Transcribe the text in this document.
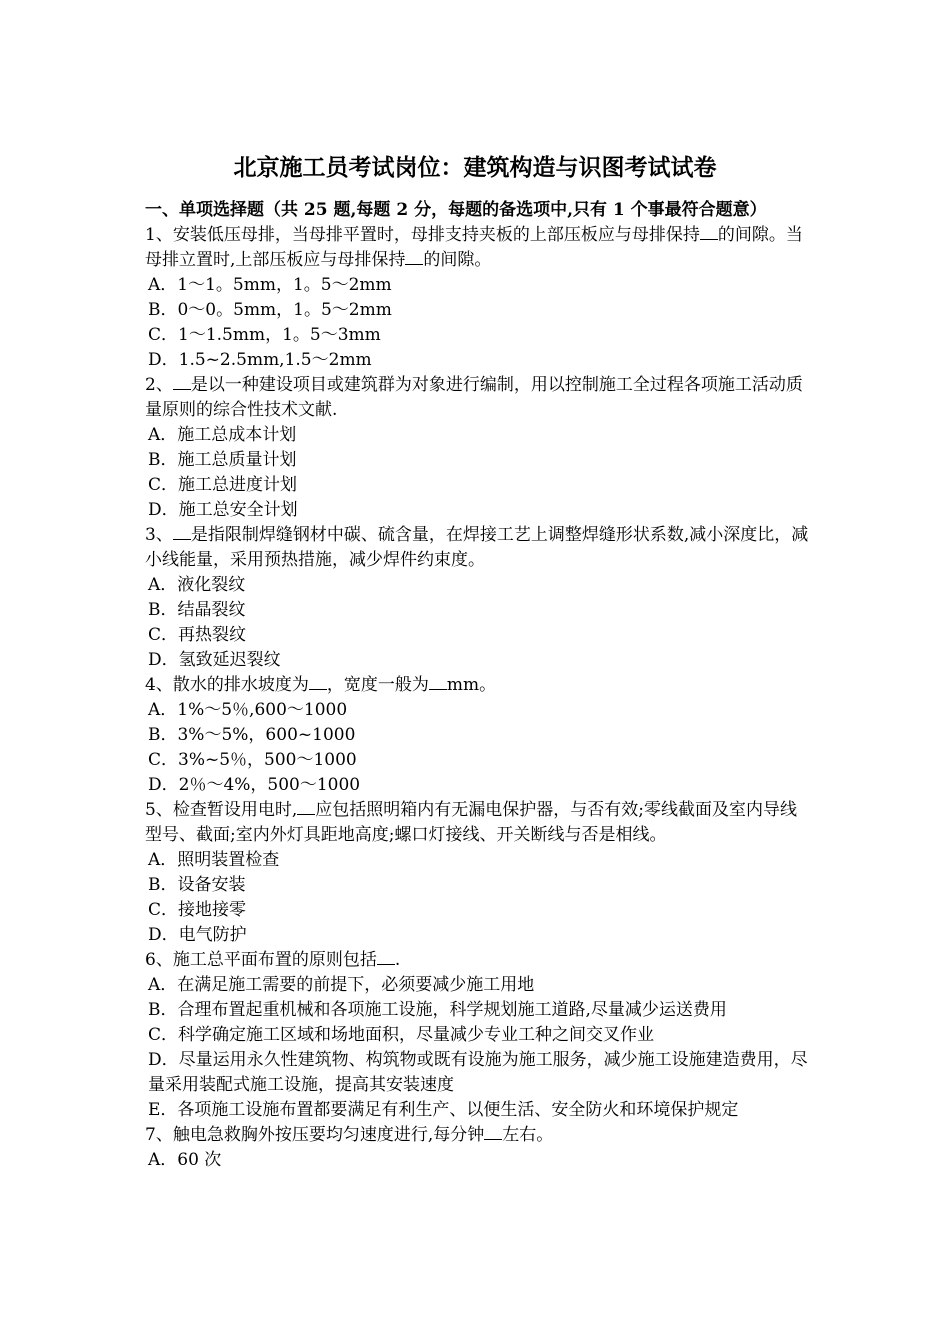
北京施工员考试岗位：建筑构造与识图考试试卷

一、单项选择题（共 25 题,每题 2 分，每题的备选项中,只有 1 个事最符合题意）

1、安装低压母排，当母排平置时，母排支持夹板的上部压板应与母排保持 的间隙。当母排立置时,上部压板应与母排保持 的间隙。

A．1～1。5mm，1。5～2mm

B．0～0。5mm，1。5～2mm

C．1～1.5mm，1。5～3mm

D．1.5~2.5mm,1.5～2mm

2、 是以一种建设项目或建筑群为对象进行编制，用以控制施工全过程各项施工活动质量原则的综合性技术文献.

A．施工总成本计划

B．施工总质量计划

C．施工总进度计划

D．施工总安全计划

3、 是指限制焊缝钢材中碳、硫含量，在焊接工艺上调整焊缝形状系数,减小深度比，减小线能量，采用预热措施，减少焊件约束度。

A．液化裂纹

B．结晶裂纹

C．再热裂纹

D．氢致延迟裂纹

4、散水的排水坡度为 ，宽度一般为 mm。

A．1%～5％,600～1000

B．3%～5%，600~1000

C．3%~5％，500～1000

D．2％～4%，500～1000

5、检查暂设用电时, 应包括照明箱内有无漏电保护器，与否有效;零线截面及室内导线型号、截面;室内外灯具距地高度;螺口灯接线、开关断线与否是相线。

A．照明装置检查

B．设备安装

C．接地接零

D．电气防护

6、施工总平面布置的原则包括 .

A．在满足施工需要的前提下，必须要减少施工用地

B．合理布置起重机械和各项施工设施，科学规划施工道路,尽量减少运送费用

C．科学确定施工区域和场地面积，尽量减少专业工种之间交叉作业

D．尽量运用永久性建筑物、构筑物或既有设施为施工服务，减少施工设施建造费用，尽量采用装配式施工设施，提高其安装速度

E．各项施工设施布置都要满足有利生产、以便生活、安全防火和环境保护规定

7、触电急救胸外按压要均匀速度进行,每分钟 左右。

A．60 次
